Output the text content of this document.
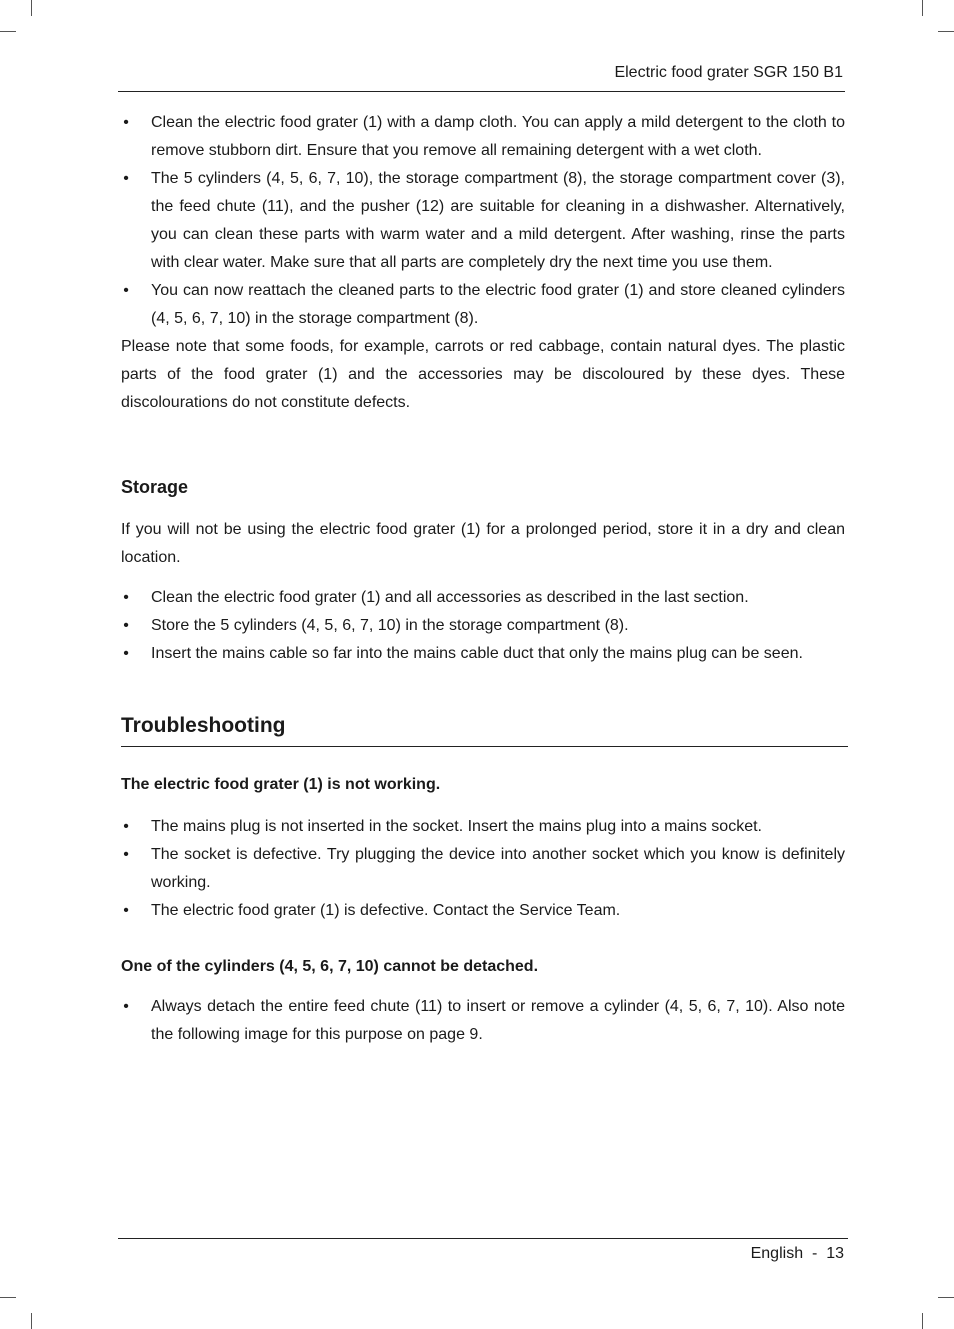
Electric food grater SGR 150 B1
• Clean the electric food grater (1) with a damp cloth. You can apply a mild detergent to the cloth to remove stubborn dirt. Ensure that you remove all remaining detergent with a wet cloth.
• The 5 cylinders (4, 5, 6, 7, 10), the storage compartment (8), the storage compartment cover (3), the feed chute (11), and the pusher (12) are suitable for cleaning in a dishwasher. Alternatively, you can clean these parts with warm water and a mild detergent. After washing, rinse the parts with clear water. Make sure that all parts are completely dry the next time you use them.
• You can now reattach the cleaned parts to the electric food grater (1) and store cleaned cylinders (4, 5, 6, 7, 10) in the storage compartment (8).

Please note that some foods, for example, carrots or red cabbage, contain natural dyes. The plastic parts of the food grater (1) and the accessories may be discoloured by these dyes. These discolourations do not constitute defects.

Storage

If you will not be using the electric food grater (1) for a prolonged period, store it in a dry and clean location.

• Clean the electric food grater (1) and all accessories as described in the last section.
• Store the 5 cylinders (4, 5, 6, 7, 10) in the storage compartment (8).
• Insert the mains cable so far into the mains cable duct that only the mains plug can be seen.
Troubleshooting
The electric food grater (1) is not working.
• The mains plug is not inserted in the socket. Insert the mains plug into a mains socket.
• The socket is defective. Try plugging the device into another socket which you know is definitely working.
• The electric food grater (1) is defective. Contact the Service Team.
One of the cylinders (4, 5, 6, 7, 10) cannot be detached.
• Always detach the entire feed chute (11) to insert or remove a cylinder (4, 5, 6, 7, 10). Also note the following image for this purpose on page 9.
English  -  13
